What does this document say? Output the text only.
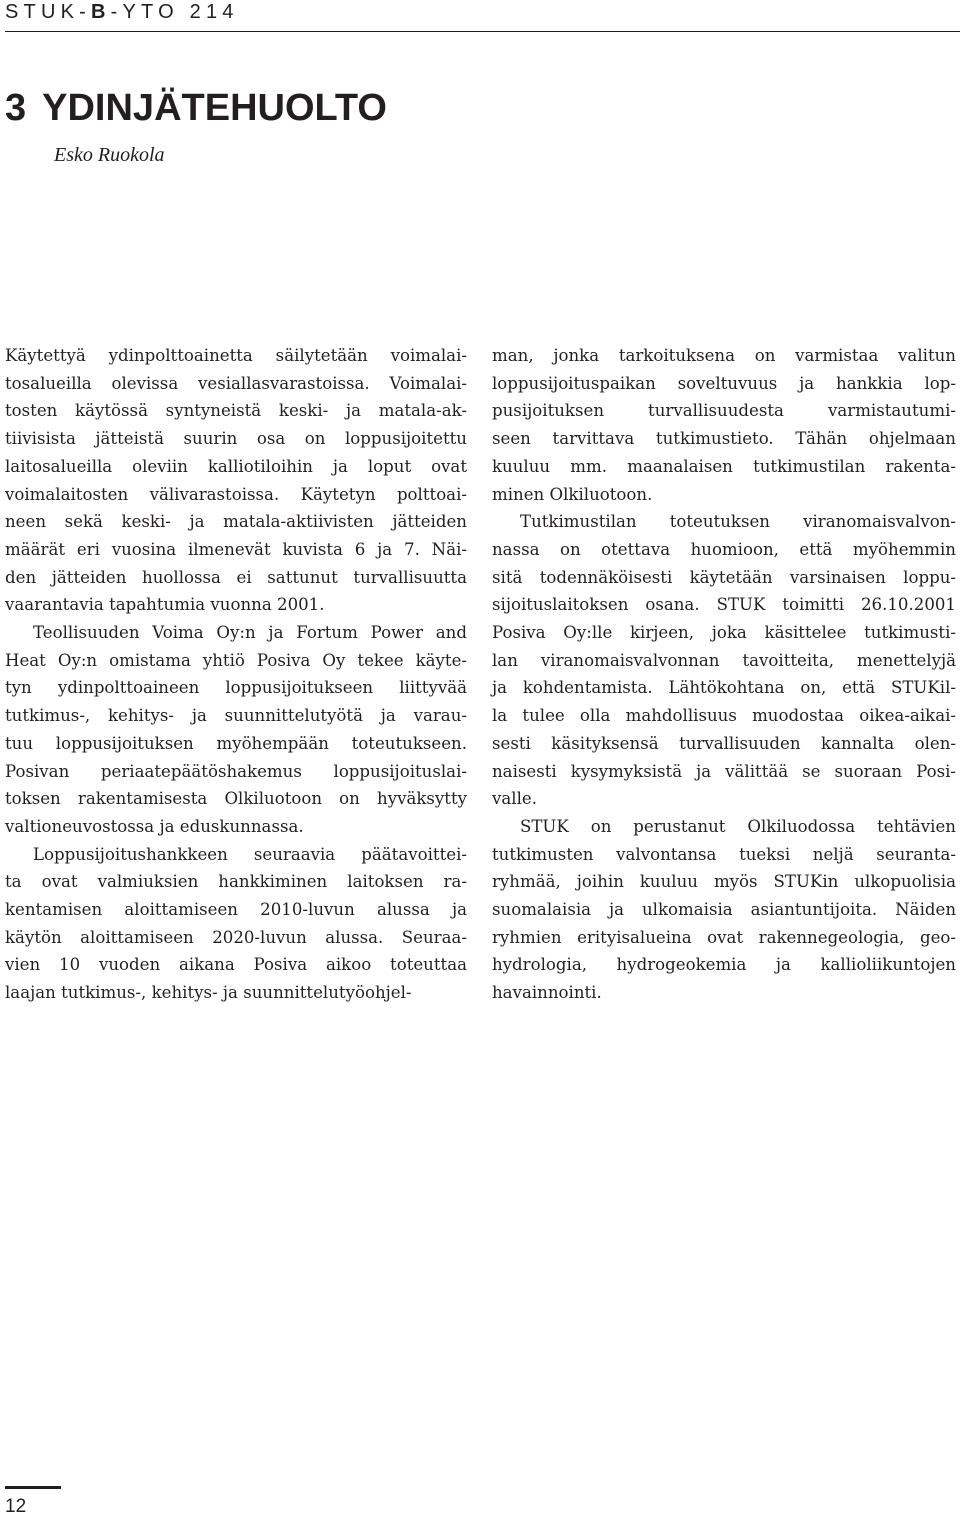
STUK-B-YTO 214
3 YDINJÄTEHUOLTO
Esko Ruokola

Käytettyä ydinpolttoainetta säilytetään voimalai-
tosalueilla olevissa vesiallasvarastoissa. Voimalai-
tosten käytössä syntyneistä keski- ja matala-ak-
tiivisista jätteistä suurin osa on loppusijoitettu
laitosalueilla oleviin kalliotiloihin ja loput ovat
voimalaitosten välivarastoissa. Käytetyn polttoai-
neen sekä keski- ja matala-aktiivisten jätteiden
määrät eri vuosina ilmenevät kuvista 6 ja 7. Näi-
den jätteiden huollossa ei sattunut turvallisuutta
vaarantavia tapahtumia vuonna 2001.

Teollisuuden Voima Oy:n ja Fortum Power and
Heat Oy:n omistama yhtiö Posiva Oy tekee käyte-
tyn ydinpolttoaineen loppusijoitukseen liittyvää
tutkimus-, kehitys- ja suunnittelutyötä ja varau-
tuu loppusijoituksen myöhempään toteutukseen.
Posivan periaatepäätöshakemus loppusijoituslai-
toksen rakentamisesta Olkiluotoon on hyväksytty
valtioneuvostossa ja eduskunnassa.

Loppusijoitushankkeen seuraavia päätavoittei-
ta ovat valmiuksien hankkiminen laitoksen ra-
kentamisen aloittamiseen 2010-luvun alussa ja
käytön aloittamiseen 2020-luvun alussa. Seuraa-
vien 10 vuoden aikana Posiva aikoo toteuttaa
laajan tutkimus-, kehitys- ja suunnittelutyöohjel-

man, jonka tarkoituksena on varmistaa valitun
loppusijoituspaikan soveltuvuus ja hankkia lop-
pusijoituksen turvallisuudesta varmistautumi-
seen tarvittava tutkimustieto. Tähän ohjelmaan
kuuluu mm. maanalaisen tutkimustilan rakenta-
minen Olkiluotoon.

Tutkimustilan toteutuksen viranomaisvalvon-
nassa on otettava huomioon, että myöhemmin
sitä todennäköisesti käytetään varsinaisen loppu-
sijoituslaitoksen osana. STUK toimitti 26.10.2001
Posiva Oy:lle kirjeen, joka käsittelee tutkimusti-
lan viranomaisvalvonnan tavoitteita, menettelyjä
ja kohdentamista. Lähtökohtana on, että STUKil-
la tulee olla mahdollisuus muodostaa oikea-aikai-
sesti käsityksensä turvallisuuden kannalta olen-
naisesti kysymyksistä ja välittää se suoraan Posi-
valle.

STUK on perustanut Olkiluodossa tehtävien
tutkimusten valvontansa tueksi neljä seuranta-
ryhmää, joihin kuuluu myös STUKin ulkopuolisia
suomalaisia ja ulkomaisia asiantuntijoita. Näiden
ryhmien erityisalueina ovat rakennegeologia, geo-
hydrologia, hydrogeokemia ja kallioliikuntojen
havainnointi.

12
